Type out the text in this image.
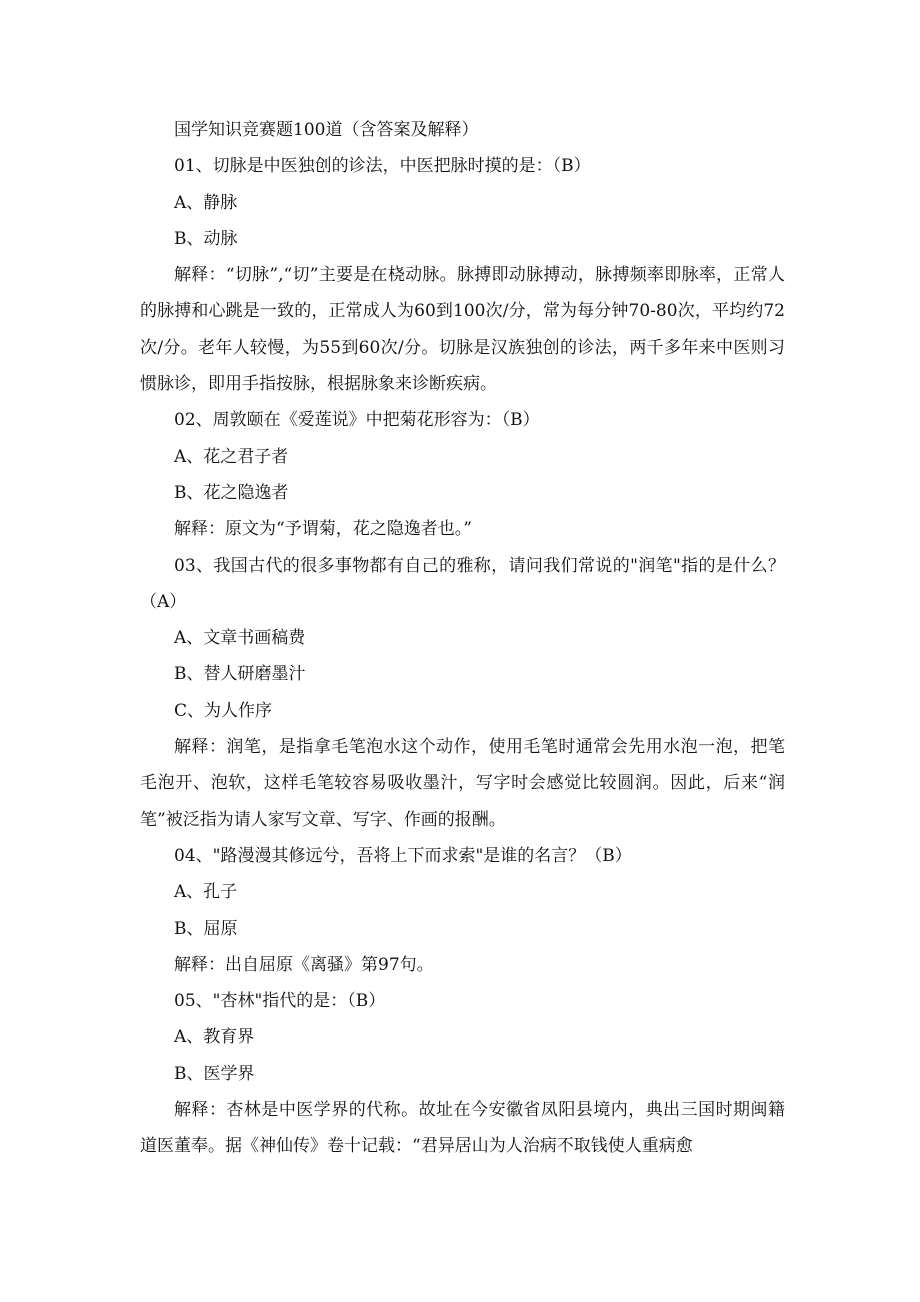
国学知识竞赛题100道（含答案及解释）
01、切脉是中医独创的诊法，中医把脉时摸的是：（B）
A、静脉
B、动脉
解释：“切脉”,“切”主要是在桡动脉。脉搏即动脉搏动，脉搏频率即脉率，正常人的脉搏和心跳是一致的，正常成人为60到100次/分，常为每分钟70-80次，平均约72次/分。老年人较慢，为55到60次/分。切脉是汉族独创的诊法，两千多年来中医则习惯脉诊，即用手指按脉，根据脉象来诊断疾病。
02、周敦颐在《爱莲说》中把菊花形容为：（B）
A、花之君子者
B、花之隐逸者
解释：原文为“予谓菊，花之隐逸者也。”
03、我国古代的很多事物都有自己的雅称，请问我们常说的"润笔"指的是什么？（A）
A、文章书画稿费
B、替人研磨墨汁
C、为人作序
解释：润笔，是指拿毛笔泡水这个动作，使用毛笔时通常会先用水泡一泡，把笔毛泡开、泡软，这样毛笔较容易吸收墨汁，写字时会感觉比较圆润。因此，后来“润笔”被泛指为请人家写文章、写字、作画的报酬。
04、"路漫漫其修远兮，吾将上下而求索"是谁的名言？（B）
A、孔子
B、屈原
解释：出自屈原《离骚》第97句。
05、"杏林"指代的是：（B）
A、教育界
B、医学界
解释：杏林是中医学界的代称。故址在今安徽省凤阳县境内，典出三国时期闽籍道医董奉。据《神仙传》卷十记载：“君异居山为人治病不取钱使人重病愈
